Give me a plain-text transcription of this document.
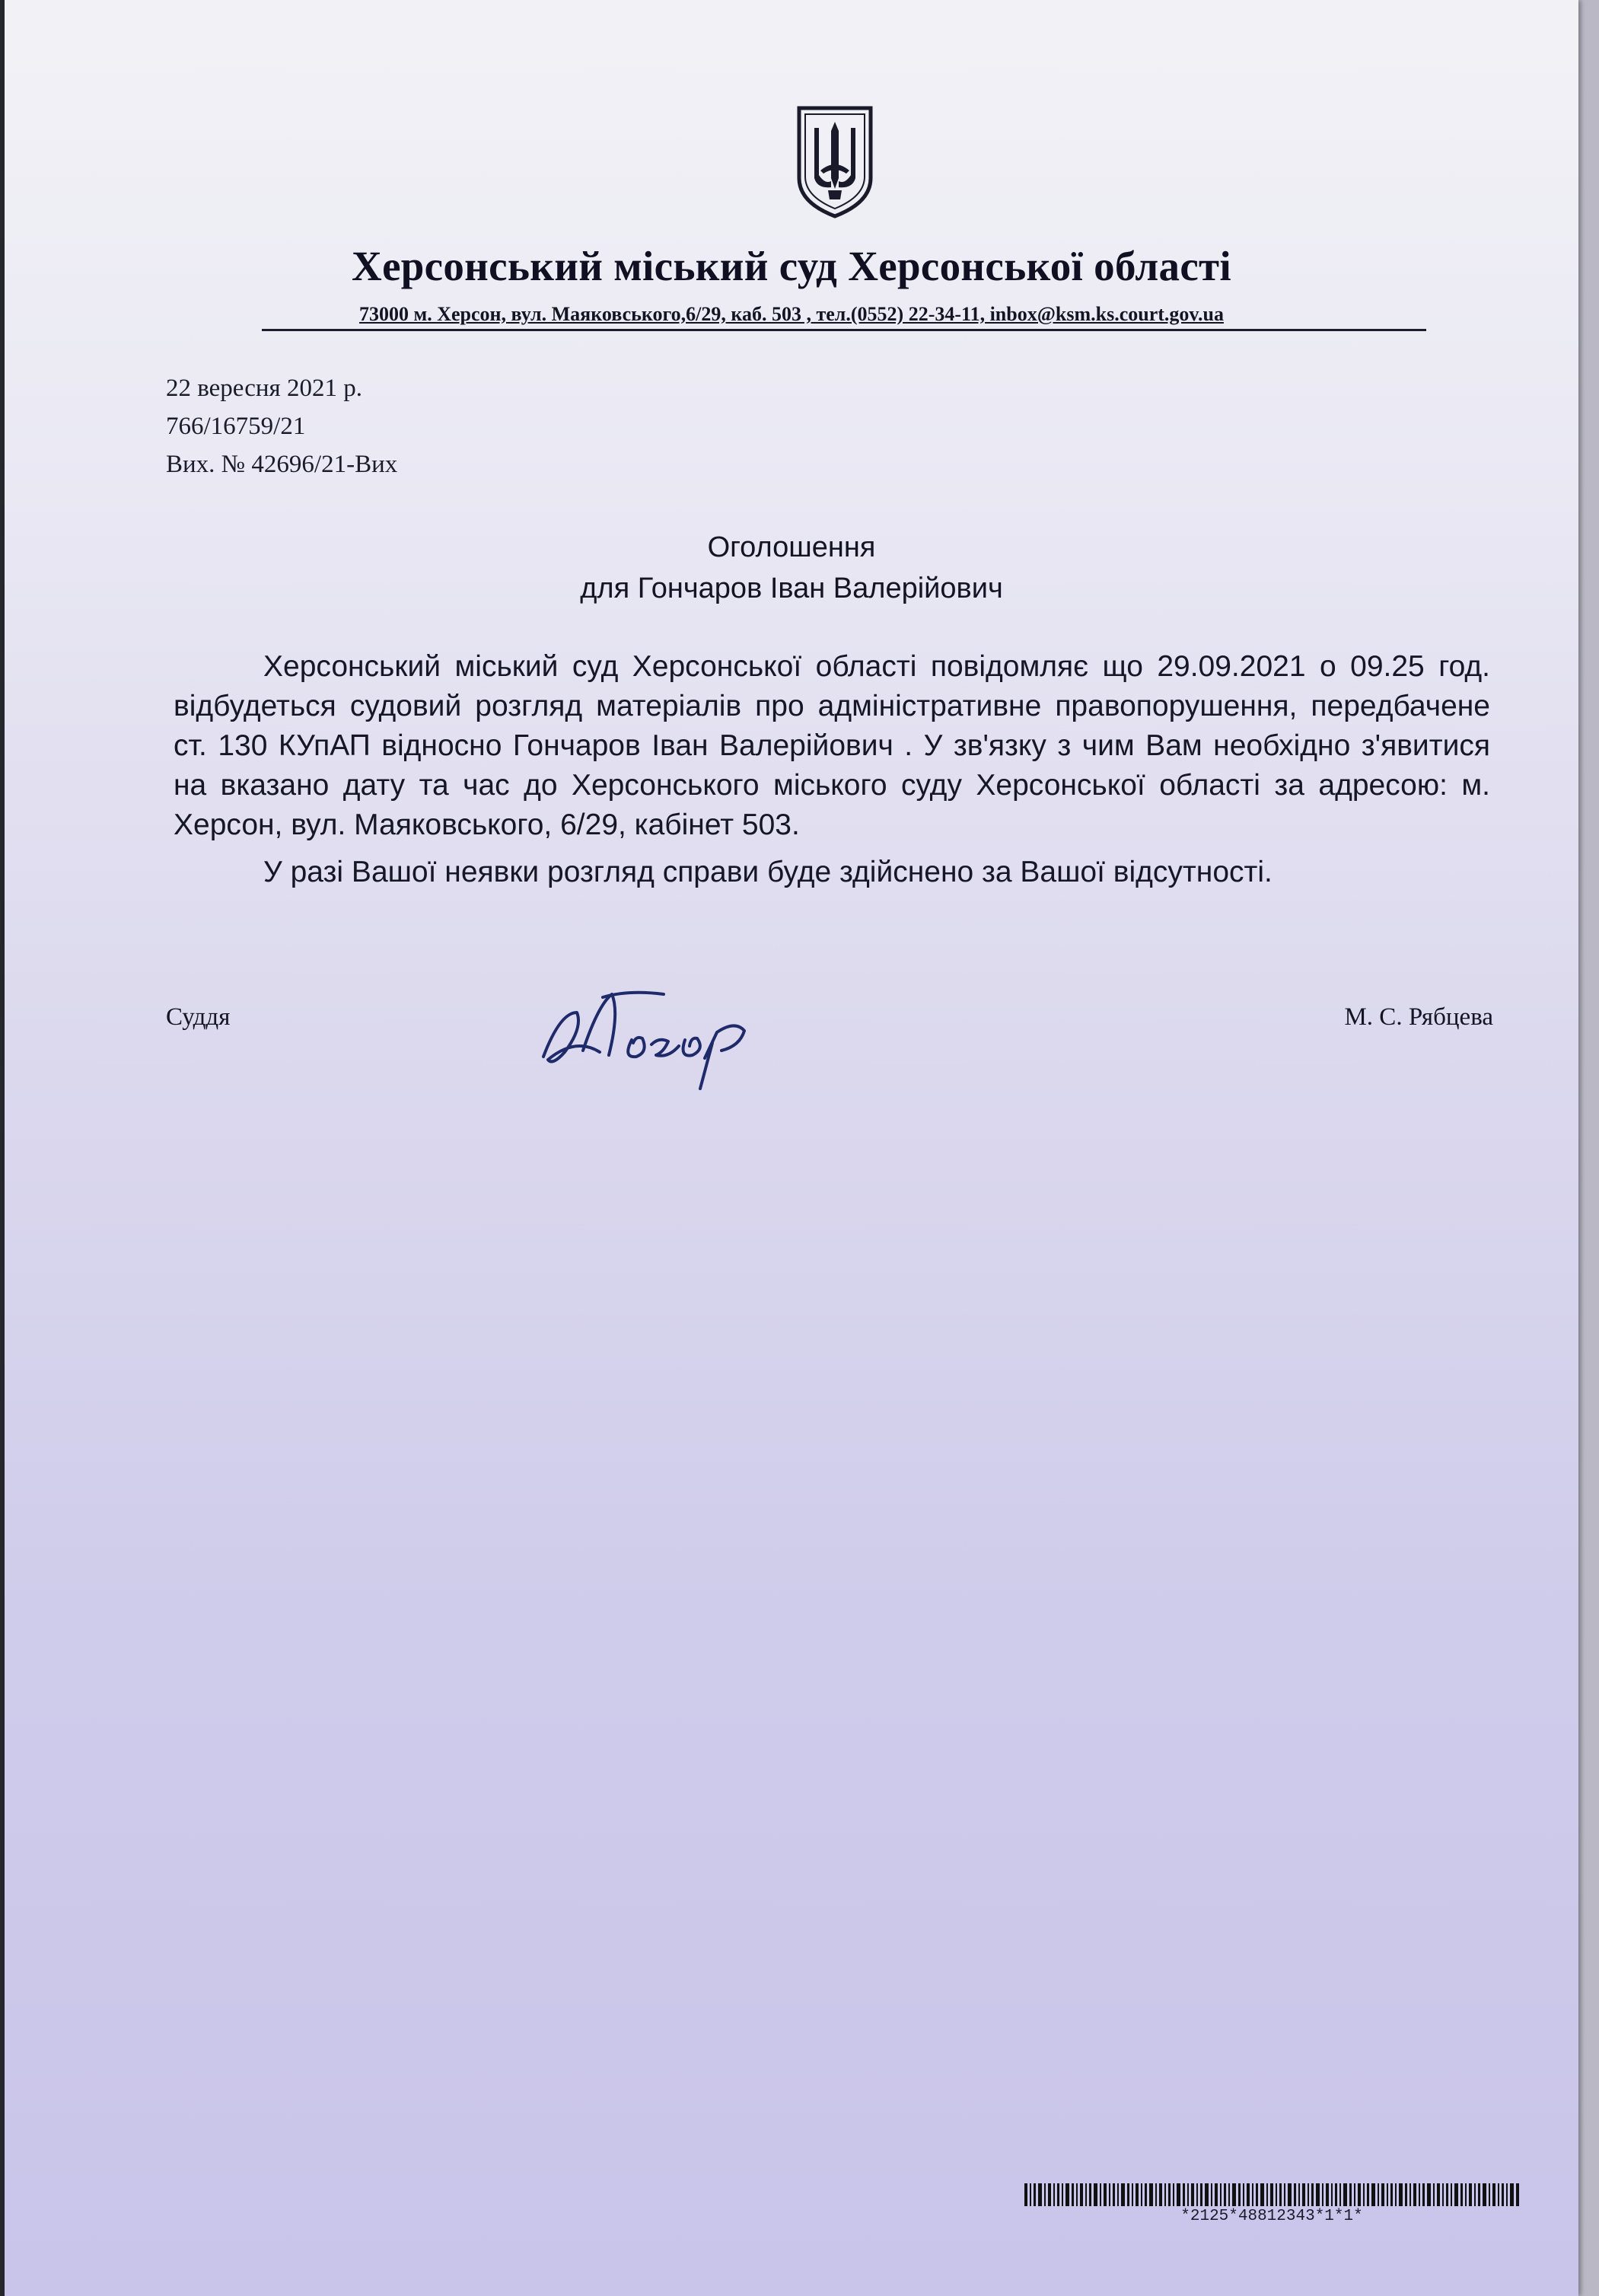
Херсонський міський суд Херсонської області
73000 м. Херсон, вул. Маяковського,6/29, каб. 503 , тел.(0552) 22-34-11, inbox@ksm.ks.court.gov.ua
22 вересня 2021 р.
766/16759/21
Вих. № 42696/21-Вих
Оголошення
для Гончаров Іван Валерійович

Херсонський міський суд Херсонської області повідомляє що 29.09.2021 о 09.25 год. відбудеться судовий розгляд матеріалів про адміністративне правопорушення, передбачене ст. 130 КУпАП відносно Гончаров Іван Валерійович . У зв'язку з чим Вам необхідно з'явитися на вказано дату та час до Херсонського міського суду Херсонської області за адресою: м. Херсон, вул. Маяковського, 6/29, кабінет 503.

У разі Вашої неявки розгляд справи буде здійснено за Вашої відсутності.

Суддя	М. С. Рябцева
*2125*48812343*1*1*
